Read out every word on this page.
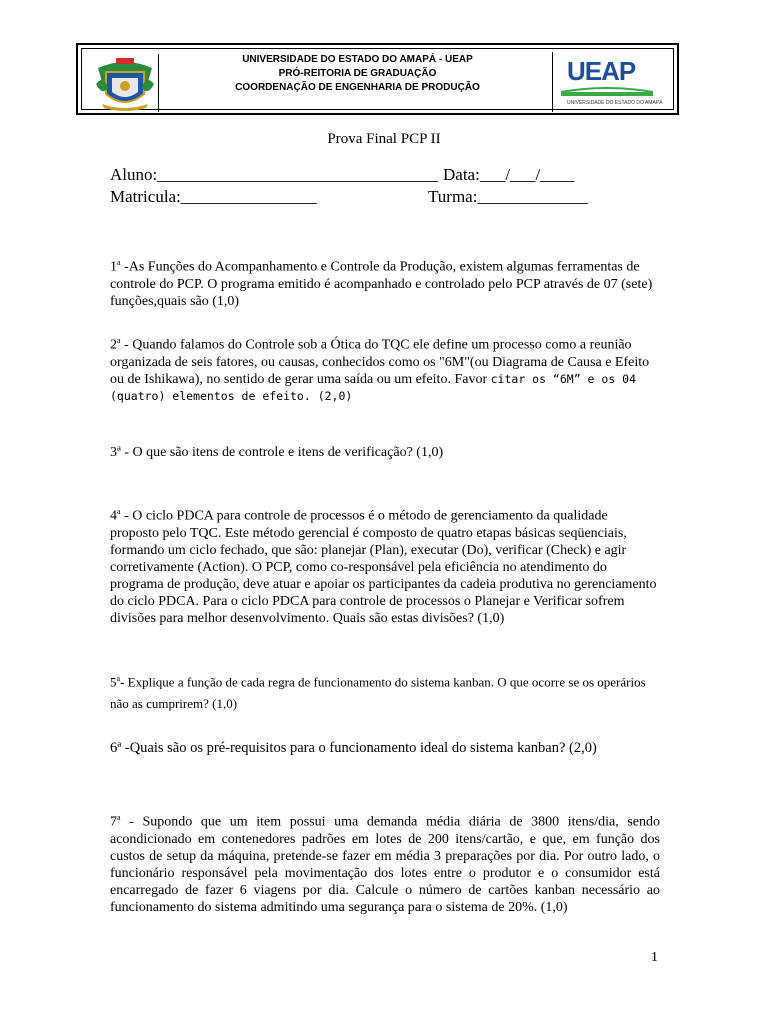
UNIVERSIDADE DO ESTADO DO AMAPÁ - UEAP
PRÓ-REITORIA DE GRADUAÇÃO
COORDENAÇÃO DE ENGENHARIA DE PRODUÇÃO
UEAP
UNIVERSIDADE DO ESTADO DO AMAPÁ
Prova Final PCP II
Aluno:_________________________________ Data:___/___/____
Matricula:________________	Turma:_____________
1$^a$ -As Funções do Acompanhamento e Controle da Produção, existem algumas ferramentas de controle do PCP. O programa emitido é acompanhado e controlado pelo PCP através de 07 (sete) funções,quais são (1,0)
2$^a$ - Quando falamos do Controle sob a Ótica do TQC ele define um processo como a reunião organizada de seis fatores, ou causas, conhecidos como os "6M"(ou Diagrama de Causa e Efeito ou de Ishikawa), no sentido de gerar uma saída ou um efeito. Favor citar os “6M” e os 04 (quatro) elementos de efeito. (2,0)
3ª - O que são itens de controle e itens de verificação? (1,0)
4$^a$ - O ciclo PDCA para controle de processos é o método de gerenciamento da qualidade proposto pelo TQC. Este método gerencial é composto de quatro etapas básicas seqüenciais, formando um ciclo fechado, que são: planejar (Plan), executar (Do), verificar (Check) e agir corretivamente (Action). O PCP, como co-responsável pela eficiência no atendimento do programa de produção, deve atuar e apoiar os participantes da cadeia produtiva no gerenciamento do ciclo PDCA. Para o ciclo PDCA para controle de processos o Planejar e Verificar sofrem divisões para melhor desenvolvimento. Quais são estas divisões? (1,0)
5$^a$- Explique a função de cada regra de funcionamento do sistema kanban. O que ocorre se os operários não as cumprirem? (1,0)
6ª -Quais são os pré-requisitos para o funcionamento ideal do sistema kanban? (2,0)
7$^a$ - Supondo que um item possui uma demanda média diária de 3800 itens/dia, sendo acondicionado em contenedores padrões em lotes de 200 itens/cartão, e que, em função dos custos de setup da máquina, pretende-se fazer em média 3 preparações por dia. Por outro lado, o funcionário responsável pela movimentação dos lotes entre o produtor e o consumidor está encarregado de fazer 6 viagens por dia. Calcule o número de cartões kanban necessário ao funcionamento do sistema admitindo uma segurança para o sistema de 20%. (1,0)
1
